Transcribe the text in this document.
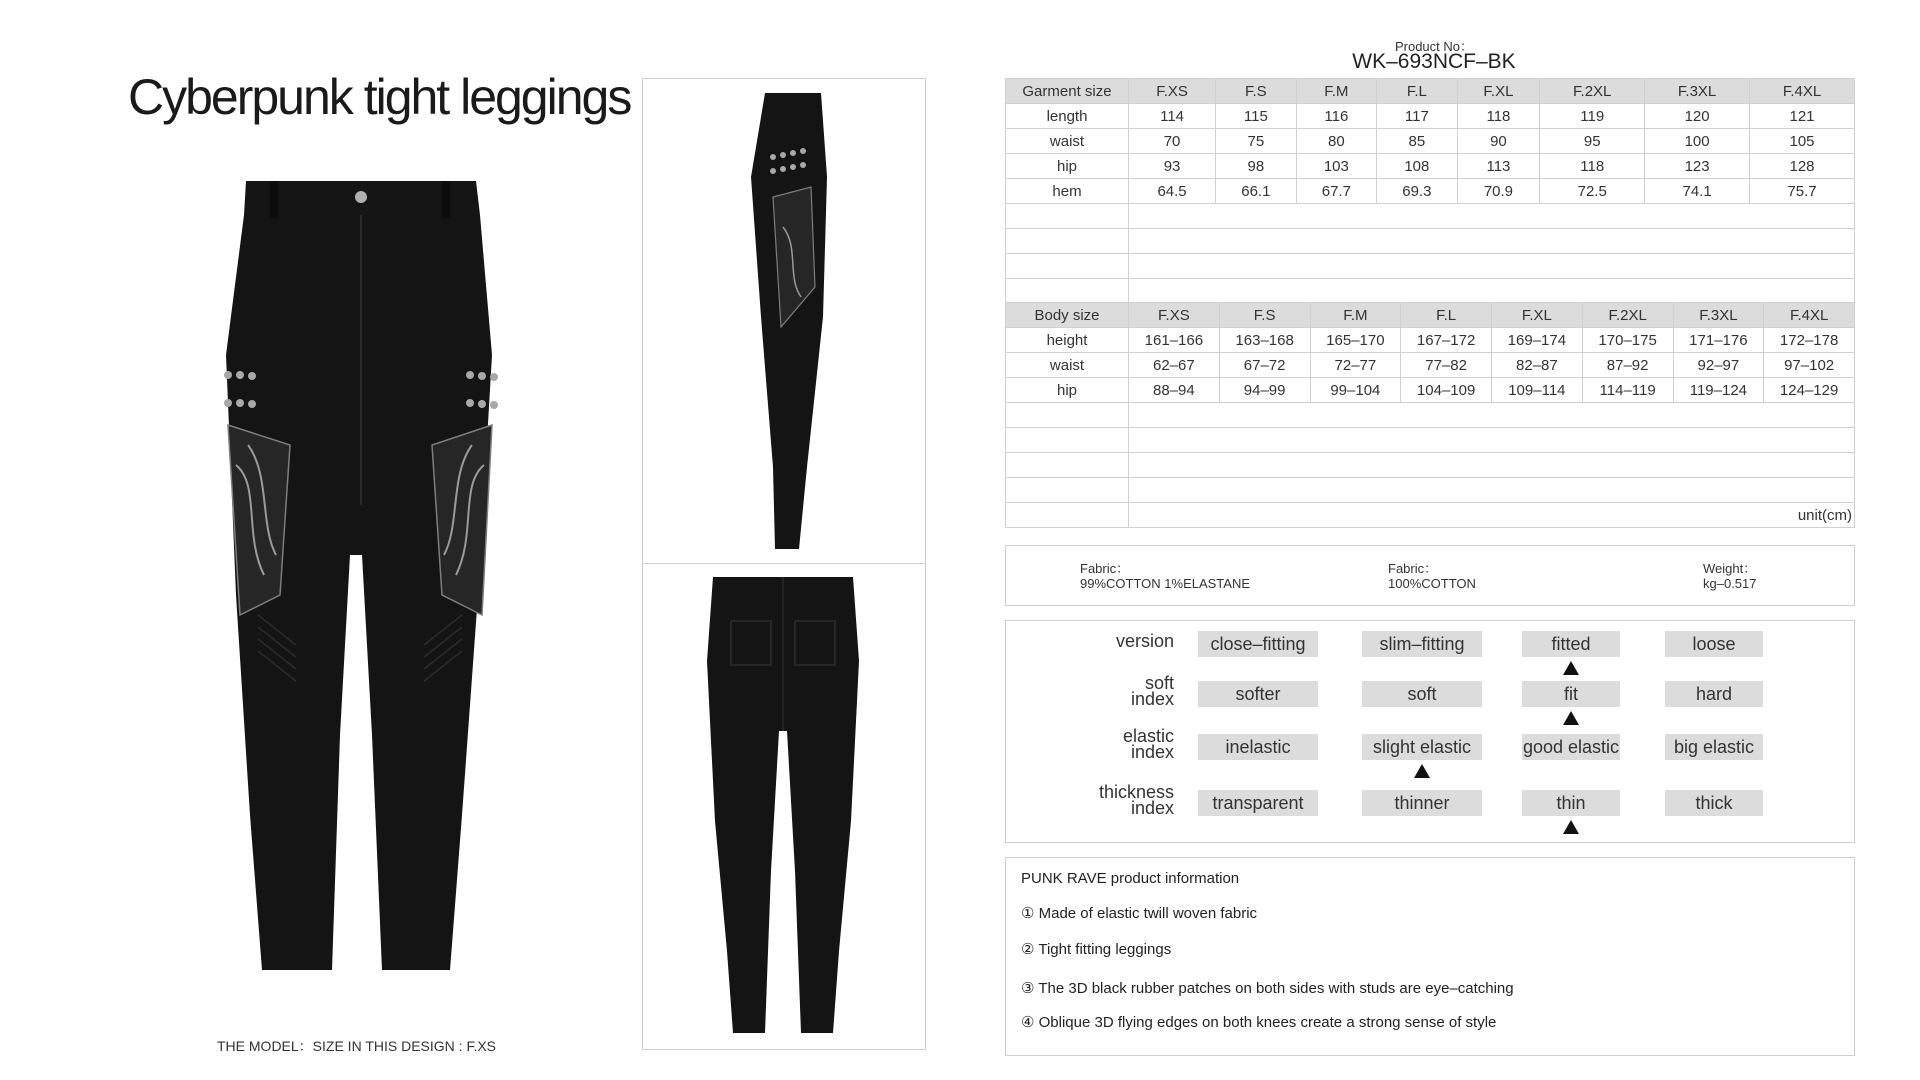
Cyberpunk tight leggings
THE MODEL：SIZE IN THIS DESIGN : F.XS
Product No：
WK–693NCF–BK
Garment size	F.XS	F.S	F.M	F.L	F.XL	F.2XL	F.3XL	F.4XL
length	114	115	116	117	118	119	120	121
waist	70	75	80	85	90	95	100	105
hip	93	98	103	108	113	118	123	128
hem	64.5	66.1	67.7	69.3	70.9	72.5	74.1	75.7

Body size	F.XS	F.S	F.M	F.L	F.XL	F.2XL	F.3XL	F.4XL
height	161–166	163–168	165–170	167–172	169–174	170–175	171–176	172–178
waist	62–67	67–72	72–77	77–82	82–87	87–92	92–97	97–102
hip	88–94	94–99	99–104	104–109	109–114	114–119	119–124	124–129

	unit(cm)							
Fabric：
99%COTTON 1%ELASTANE
Fabric：
100%COTTON
Weight：
kg–0.517
version	close–fitting	slim–fitting	fitted	loose
soft
index	softer	soft	fit	hard
elastic
index	inelastic	slight elastic	good elastic	big elastic
thickness
index	transparent	thinner	thin	thick
PUNK RAVE product information
① Made of elastic twill woven fabric
② Tight fitting leggings
③ The 3D black rubber patches on both sides with studs are eye–catching
④ Oblique 3D flying edges on both knees create a strong sense of style
